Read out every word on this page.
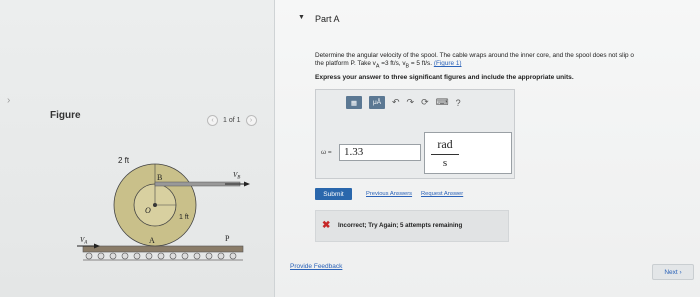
›
Figure	‹	1 of 1	›
2 ft
1 ft
B
O
A	P
$V_B$
$V_A$
▼ Part A
Determine the angular velocity of the spool. The cable wraps around the inner core, and the spool does not slip o
the platform P. Take $v_A =3$ ft/s, $v_B = 5$ ft/s. (Figure 1)
Express your answer to three significant figures and include the appropriate units.
▦	μÅ	↶ ↷ ⟳ ⌨ ?
ω =	1.33
rad
s
Submit	Previous Answers Request Answer
✖ Incorrect; Try Again; 5 attempts remaining
Provide Feedback
Next ›
